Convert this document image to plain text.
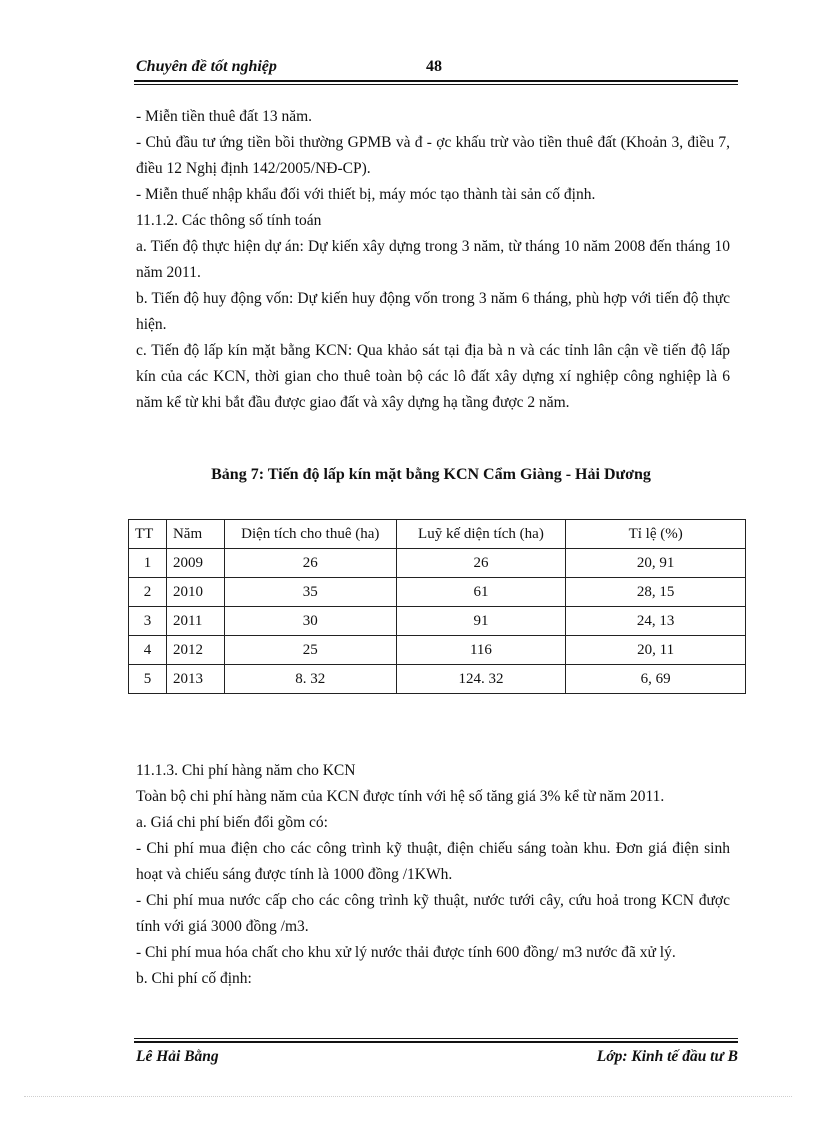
Chuyên đề tốt nghiệp	48

- Miễn tiền thuê đất 13 năm.

- Chủ đầu tư ứng tiền bồi thường GPMB và đ - ợc khấu trừ vào tiền thuê đất (Khoản 3, điều 7, điều 12 Nghị định 142/2005/NĐ-CP).

- Miễn thuế nhập khẩu đối với thiết bị, máy móc tạo thành tài sản cố định.

11.1.2. Các thông số tính toán

a. Tiến độ thực hiện dự án: Dự kiến xây dựng trong 3 năm, từ tháng 10 năm 2008 đến tháng 10 năm 2011.

b. Tiến độ huy động vốn: Dự kiến huy động vốn trong 3 năm 6 tháng, phù hợp với tiến độ thực hiện.

c. Tiến độ lấp kín mặt bằng KCN: Qua khảo sát tại địa bà n và các tỉnh lân cận về tiến độ lấp kín của các KCN, thời gian cho thuê toàn bộ các lô đất xây dựng xí nghiệp công nghiệp là 6 năm kể từ khi bắt đầu được giao đất và xây dựng hạ tầng được 2 năm.

Bảng 7: Tiến độ lấp kín mặt bằng KCN Cẩm Giàng - Hải Dương
TT	Năm	Diện tích cho thuê (ha)	Luỹ kế diện tích (ha)	Tỉ lệ (%)
1	2009	26	26	20, 91
2	2010	35	61	28, 15
3	2011	30	91	24, 13
4	2012	25	116	20, 11
5	2013	8. 32	124. 32	6, 69

11.1.3. Chi phí hàng năm cho KCN

Toàn bộ chi phí hàng năm của KCN được tính với hệ số tăng giá 3% kể từ năm 2011.

a. Giá chi phí biến đổi gồm có:

- Chi phí mua điện cho các công trình kỹ thuật, điện chiếu sáng toàn khu. Đơn giá điện sinh hoạt và chiếu sáng được tính là 1000 đồng /1KWh.

- Chi phí mua nước cấp cho các công trình kỹ thuật, nước tưới cây, cứu hoả trong KCN được tính với giá 3000 đồng /m3.

- Chi phí mua hóa chất cho khu xử lý nước thải được tính 600 đồng/ m3 nước đã xử lý.

b. Chi phí cố định:

Lê Hải Bằng	Lớp: Kinh tế đầu tư B
